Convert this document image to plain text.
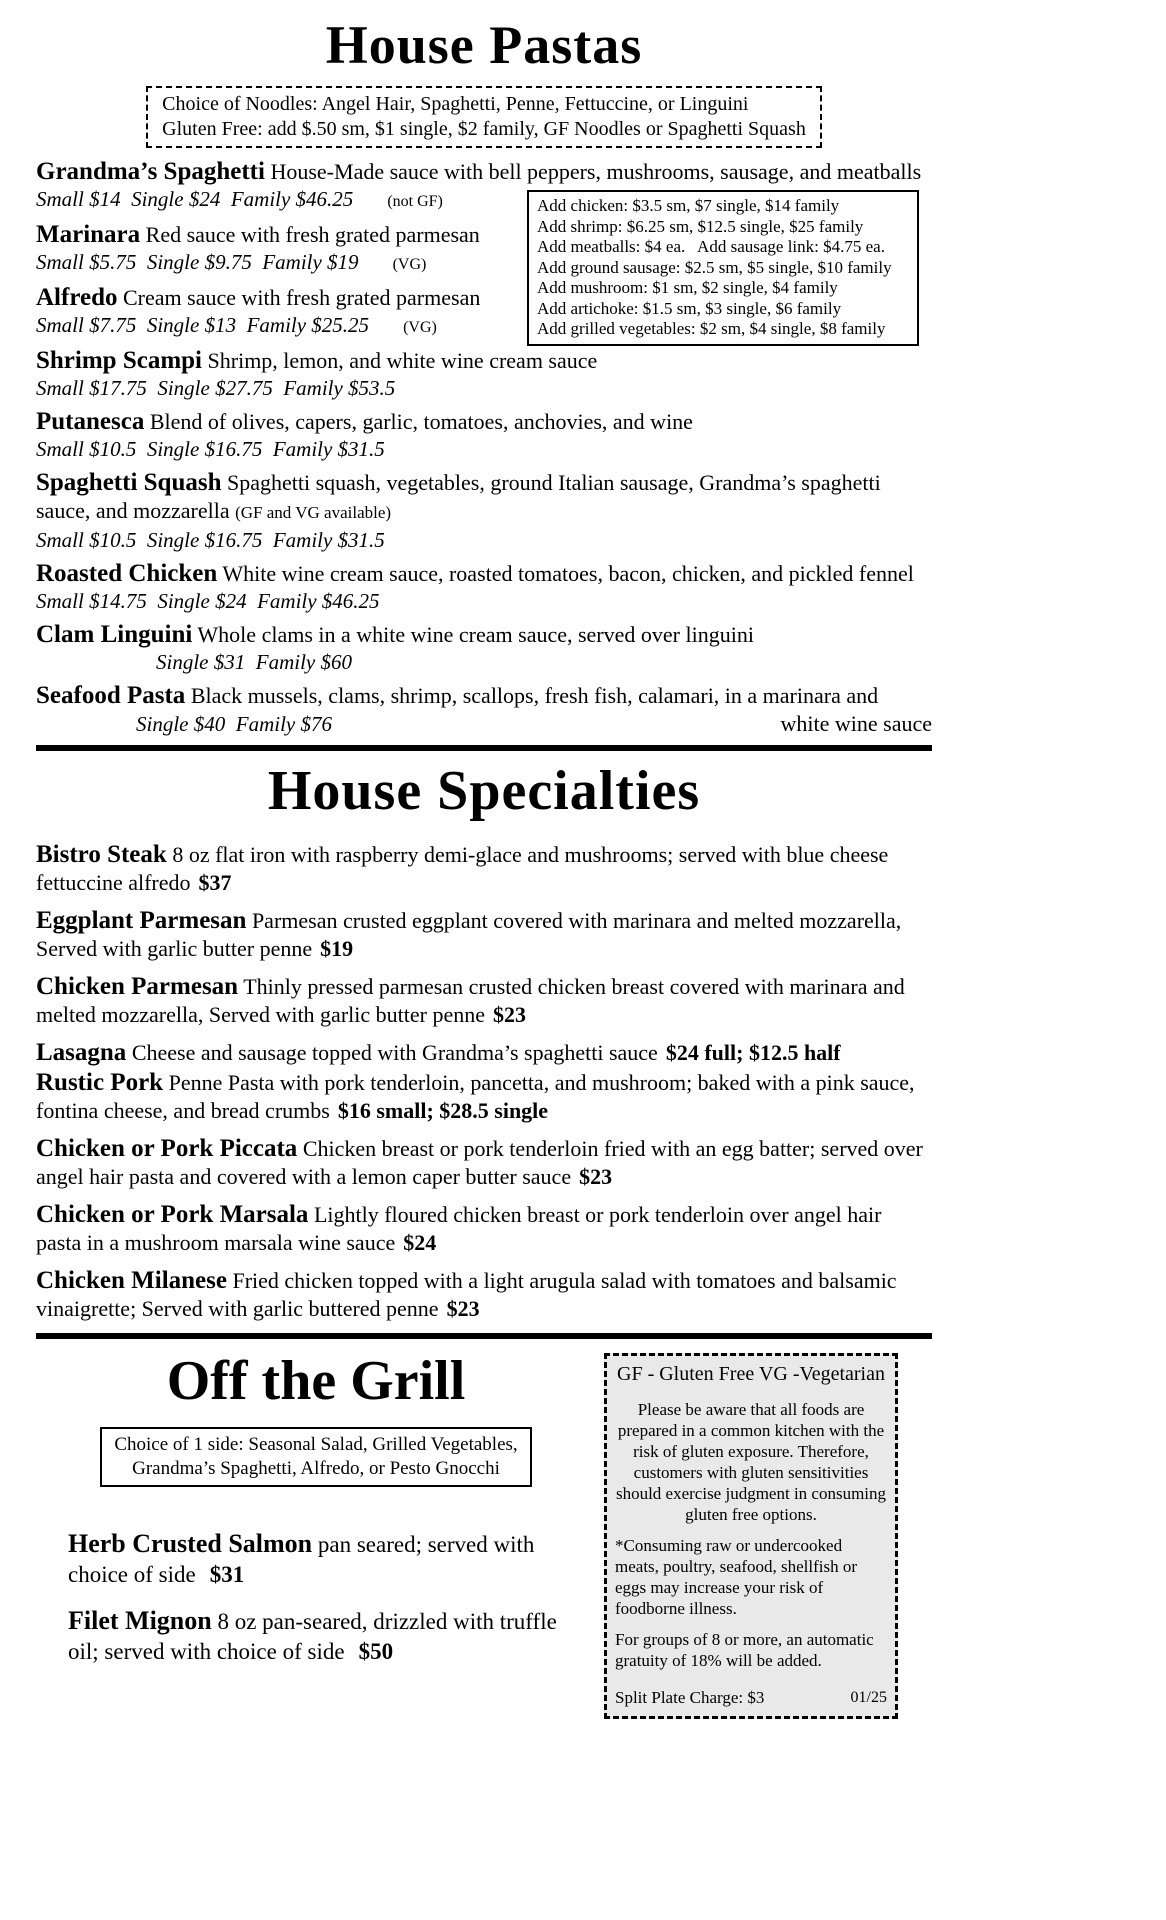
House Pastas
Choice of Noodles: Angel Hair, Spaghetti, Penne, Fettuccine, or Linguini
Gluten Free: add $.50 sm, $1 single, $2 family, GF Noodles or Spaghetti Squash
Grandma’s Spaghetti House-Made sauce with bell peppers, mushrooms, sausage, and meatballs
Small $14  Single $24  Family $46.25 (not GF)
Marinara Red sauce with fresh grated parmesan
Small $5.75  Single $9.75  Family $19 (VG)
Alfredo Cream sauce with fresh grated parmesan
Small $7.75  Single $13  Family $25.25 (VG)
Shrimp Scampi Shrimp, lemon, and white wine cream sauce
Small $17.75  Single $27.75  Family $53.5
Putanesca Blend of olives, capers, garlic, tomatoes, anchovies, and wine
Small $10.5  Single $16.75  Family $31.5
Spaghetti Squash Spaghetti squash, vegetables, ground Italian sausage, Grandma’s spaghetti sauce, and mozzarella (GF and VG available)
Small $10.5  Single $16.75  Family $31.5
Roasted Chicken White wine cream sauce, roasted tomatoes, bacon, chicken, and pickled fennel
Small $14.75  Single $24  Family $46.25
Clam Linguini Whole clams in a white wine cream sauce, served over linguini
Single $31  Family $60
Seafood Pasta Black mussels, clams, shrimp, scallops, fresh fish, calamari, in a marinara and
Single $40  Family $76	white wine sauce
House Specialties
Bistro Steak 8 oz flat iron with raspberry demi-glace and mushrooms; served with blue cheese fettuccine alfredo $37
Eggplant Parmesan Parmesan crusted eggplant covered with marinara and melted mozzarella, Served with garlic butter penne $19
Chicken Parmesan Thinly pressed parmesan crusted chicken breast covered with marinara and melted mozzarella, Served with garlic butter penne $23
Lasagna Cheese and sausage topped with Grandma’s spaghetti sauce $24 full; $12.5 half
Rustic Pork Penne Pasta with pork tenderloin, pancetta, and mushroom; baked with a pink sauce, fontina cheese, and bread crumbs $16 small; $28.5 single
Chicken or Pork Piccata Chicken breast or pork tenderloin fried with an egg batter; served over angel hair pasta and covered with a lemon caper butter sauce $23
Chicken or Pork Marsala Lightly floured chicken breast or pork tenderloin over angel hair pasta in a mushroom marsala wine sauce $24
Chicken Milanese Fried chicken topped with a light arugula salad with tomatoes and balsamic vinaigrette; Served with garlic buttered penne $23
Off the Grill
Choice of 1 side: Seasonal Salad, Grilled Vegetables,
Grandma’s Spaghetti, Alfredo, or Pesto Gnocchi
Herb Crusted Salmon pan seared; served with choice of side $31
Filet Mignon 8 oz pan-seared, drizzled with truffle oil; served with choice of side $50
GF - Gluten Free VG -Vegetarian

Please be aware that all foods are prepared in a common kitchen with the risk of gluten exposure. Therefore, customers with gluten sensitivities should exercise judgment in consuming gluten free options.

*Consuming raw or undercooked meats, poultry, seafood, shellfish or eggs may increase your risk of foodborne illness.

For groups of 8 or more, an automatic gratuity of 18% will be added.

Split Plate Charge: $3	01/25
Add chicken: $3.5 sm, $7 single, $14 family
Add shrimp: $6.25 sm, $12.5 single, $25 family
Add meatballs: $4 ea.   Add sausage link: $4.75 ea.
Add ground sausage: $2.5 sm, $5 single, $10 family
Add mushroom: $1 sm, $2 single, $4 family
Add artichoke: $1.5 sm, $3 single, $6 family
Add grilled vegetables: $2 sm, $4 single, $8 family
